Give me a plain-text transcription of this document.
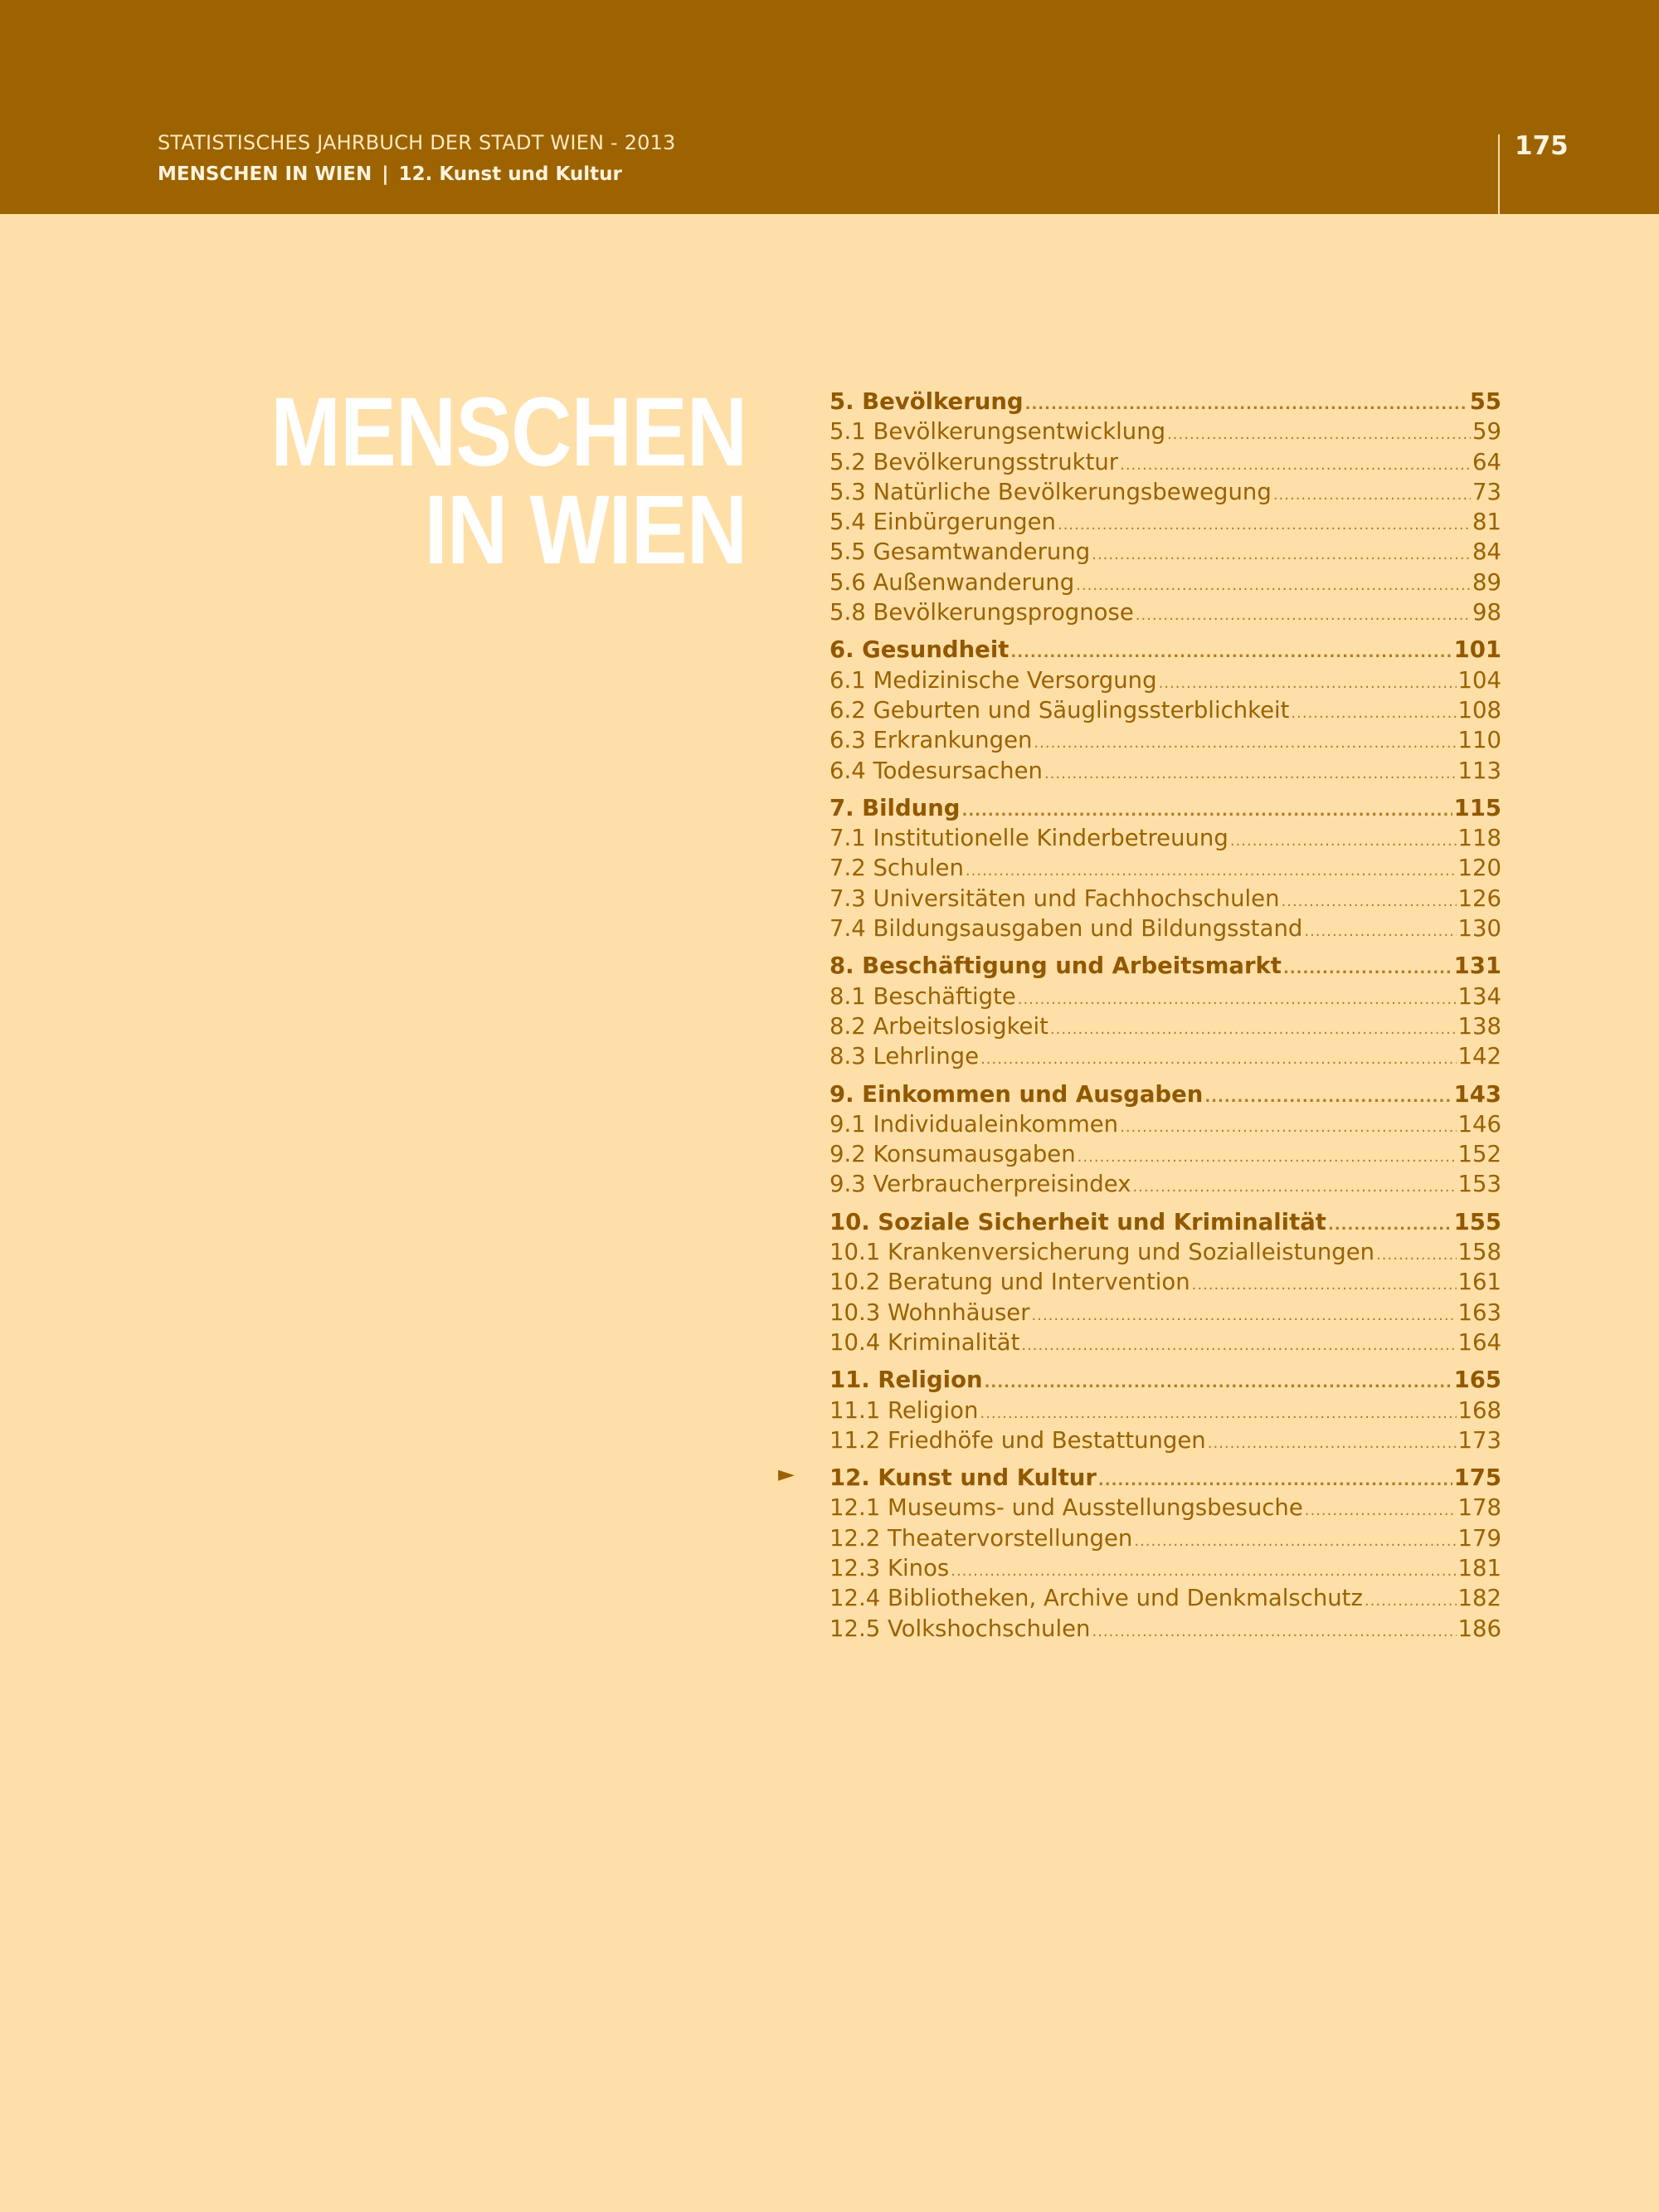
STATISTISCHES JAHRBUCH DER STADT WIEN - 2013
MENSCHEN IN WIEN | 12. Kunst und Kultur
175
MENSCHEN
IN WIEN
►
5. Bevölkerung .....	55
5.1 Bevölkerungsentwicklung .....	59
5.2 Bevölkerungsstruktur .....	64
5.3 Natürliche Bevölkerungsbewegung .....	73
5.4 Einbürgerungen .....	81
5.5 Gesamtwanderung .....	84
5.6 Außenwanderung .....	89
5.8 Bevölkerungsprognose .....	98
6. Gesundheit .....	101
6.1 Medizinische Versorgung .....	104
6.2 Geburten und Säuglingssterblichkeit .....	108
6.3 Erkrankungen .....	110
6.4 Todesursachen .....	113
7. Bildung .....	115
7.1 Institutionelle Kinderbetreuung .....	118
7.2 Schulen .....	120
7.3 Universitäten und Fachhochschulen .....	126
7.4 Bildungsausgaben und Bildungsstand .....	130
8. Beschäftigung und Arbeitsmarkt .....	131
8.1 Beschäftigte .....	134
8.2 Arbeitslosigkeit .....	138
8.3 Lehrlinge .....	142
9. Einkommen und Ausgaben .....	143
9.1 Individualeinkommen .....	146
9.2 Konsumausgaben .....	152
9.3 Verbraucherpreisindex .....	153
10. Soziale Sicherheit und Kriminalität .....	155
10.1 Krankenversicherung und Sozialleistungen .....	158
10.2 Beratung und Intervention .....	161
10.3 Wohnhäuser .....	163
10.4 Kriminalität .....	164
11. Religion .....	165
11.1 Religion .....	168
11.2 Friedhöfe und Bestattungen .....	173
12. Kunst und Kultur .....	175
12.1 Museums- und Ausstellungsbesuche .....	178
12.2 Theatervorstellungen .....	179
12.3 Kinos .....	181
12.4 Bibliotheken, Archive und Denkmalschutz .....	182
12.5 Volkshochschulen .....	186
